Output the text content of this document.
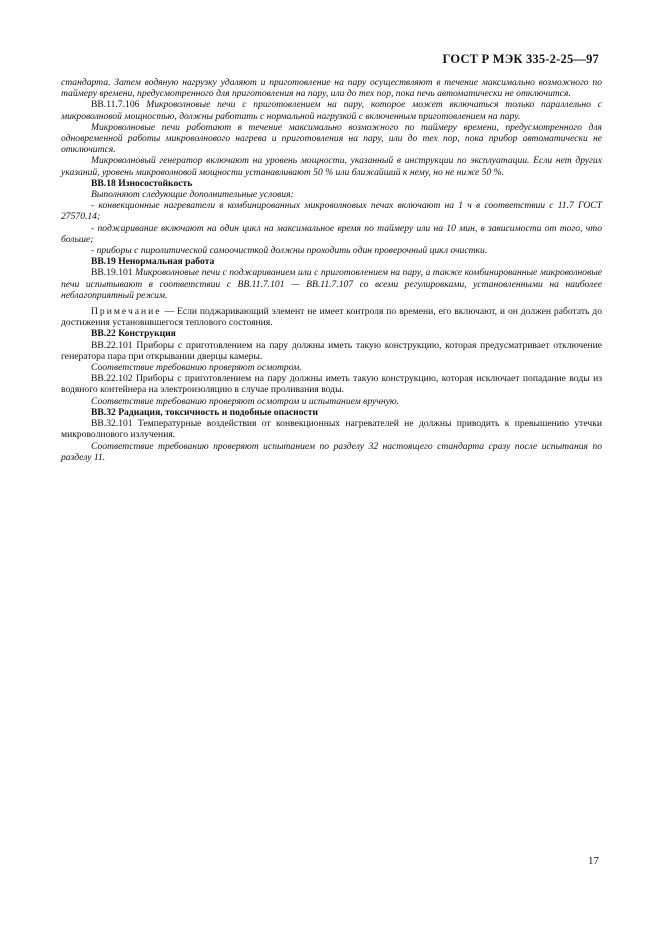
ГОСТ Р МЭК 335-2-25—97

стандарта. Затем водяную нагрузку удаляют и приготовление на пару осуществляют в течение максимально возможного по таймеру времени, предусмотренного для приготовления на пару, или до тех пор, пока печь автоматически не отключится.

ВВ.11.7.106 Микроволновые печи с приготовлением на пару, которое может включаться только параллельно с микроволновой мощностью, должны работать с нормальной нагрузкой с включенным приготовлением на пару.

Микроволновые печи работают в течение максимально возможного по таймеру времени, предусмотренного для одновременной работы микроволнового нагрева и приготовления на пару, или до тех пор, пока прибор автоматически не отключится.

Микроволновый генератор включают на уровень мощности, указанный в инструкции по эксплуатации. Если нет других указаний, уровень микроволновой мощности устанавливают 50 % или ближайший к нему, но не ниже 50 %.

ВВ.18 Износостойкость

Выполняют следующие дополнительные условия:

- конвекционные нагреватели в комбинированных микроволновых печах включают на 1 ч в соответствии с 11.7 ГОСТ 27570.14;

- поджаривание включают на один цикл на максимальное время по таймеру или на 10 мин, в зависимости от того, что больше;

- приборы с пиролитической самоочисткой должны проходить один проверочный цикл очистки.

ВВ.19 Ненормальная работа

ВВ.19.101 Микроволновые печи с поджариванием или с приготовлением на пару, а также комбинированные микроволновые печи испытывают в соответствии с ВВ.11.7.101 — ВВ.11.7.107 со всеми регулировками, установленными на наиболее неблагоприятный режим.

Примечание — Если поджаривающий элемент не имеет контроля по времени, его включают, и он должен работать до достижения установившегося теплового состояния.

ВВ.22 Конструкция

ВВ.22.101 Приборы с приготовлением на пару должны иметь такую конструкцию, которая предусматривает отключение генератора пара при открывании дверцы камеры.

Соответствие требованию проверяют осмотром.

ВВ.22.102 Приборы с приготовлением на пару должны иметь такую конструкцию, которая исключает попадание воды из водяного контейнера на электроизоляцию в случае проливания воды.

Соответствие требованию проверяют осмотром и испытанием вручную.

ВВ.32 Радиация, токсичность и подобные опасности

ВВ.32.101 Температурные воздействия от конвекционных нагревателей не должны приводить к превышению утечки микроволнового излучения.

Соответствие требованию проверяют испытанием по разделу 32 настоящего стандарта сразу после испытания по разделу 11.

17
